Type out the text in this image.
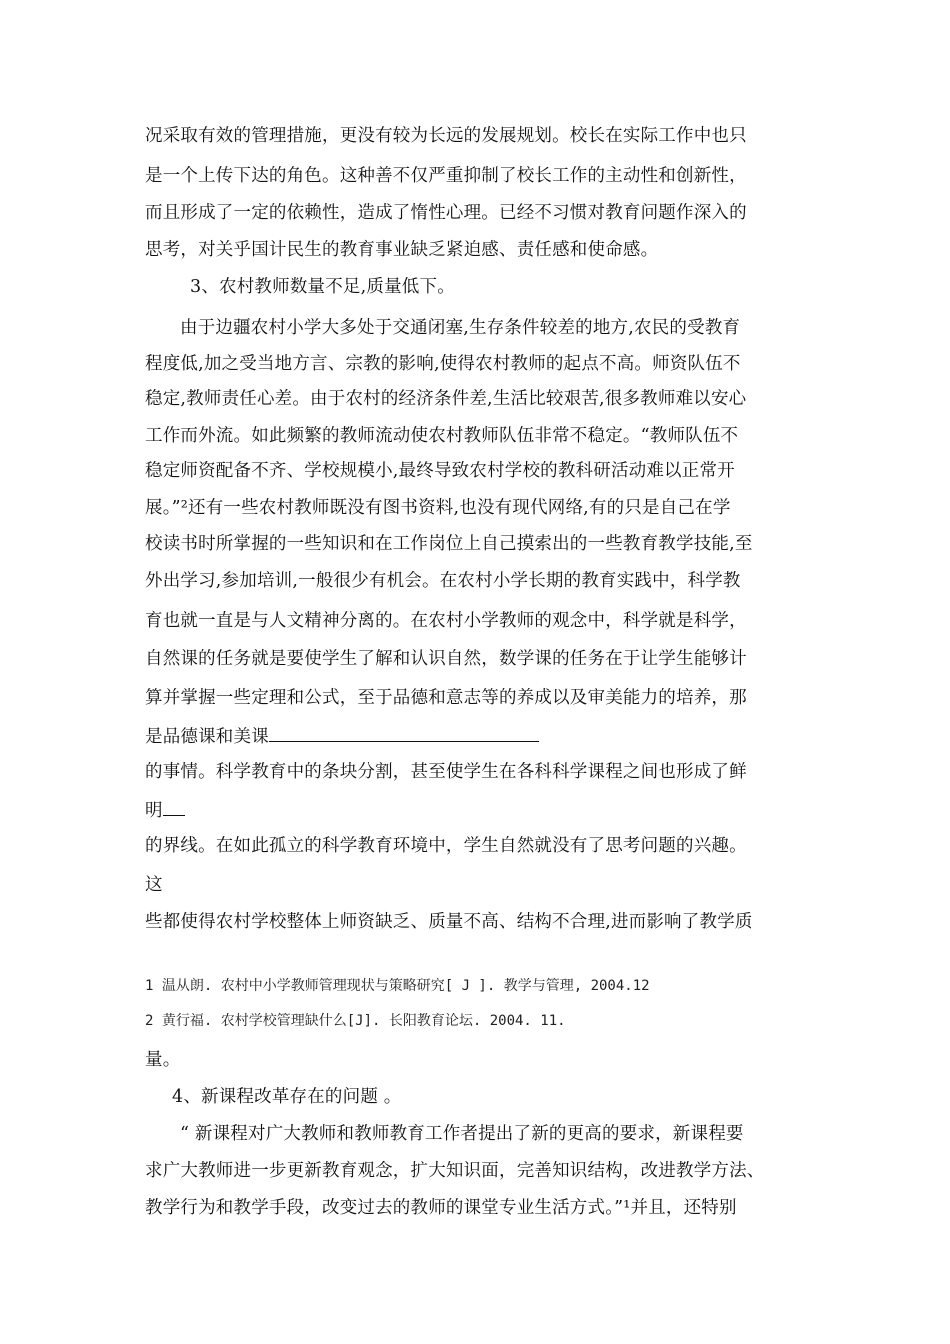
况采取有效的管理措施，更没有较为长远的发展规划。校长在实际工作中也只
是一个上传下达的角色。这种善不仅严重抑制了校长工作的主动性和创新性，
而且形成了一定的依赖性，造成了惰性心理。已经不习惯对教育问题作深入的
思考，对关乎国计民生的教育事业缺乏紧迫感、责任感和使命感。
3、农村教师数量不足,质量低下。
由于边疆农村小学大多处于交通闭塞,生存条件较差的地方,农民的受教育
程度低,加之受当地方言、宗教的影响,使得农村教师的起点不高。师资队伍不
稳定,教师责任心差。由于农村的经济条件差,生活比较艰苦,很多教师难以安心
工作而外流。如此频繁的教师流动使农村教师队伍非常不稳定。“教师队伍不
稳定师资配备不齐、学校规模小,最终导致农村学校的教科研活动难以正常开
展。”²还有一些农村教师既没有图书资料,也没有现代网络,有的只是自己在学
校读书时所掌握的一些知识和在工作岗位上自己摸索出的一些教育教学技能,至
外出学习,参加培训,一般很少有机会。在农村小学长期的教育实践中，科学教
育也就一直是与人文精神分离的。在农村小学教师的观念中，科学就是科学，
自然课的任务就是要使学生了解和认识自然，数学课的任务在于让学生能够计
算并掌握一些定理和公式，至于品德和意志等的养成以及审美能力的培养，那
是品德课和美课
的事情。科学教育中的条块分割，甚至使学生在各科科学课程之间也形成了鲜
明
的界线。在如此孤立的科学教育环境中，学生自然就没有了思考问题的兴趣。
这
些都使得农村学校整体上师资缺乏、质量不高、结构不合理,进而影响了教学质
1 温从朗. 农村中小学教师管理现状与策略研究[ J ]. 教学与管理, 2004.12
2 黄行福. 农村学校管理缺什么[J]. 长阳教育论坛. 2004. 11.
量。
4、新课程改革存在的问题 。
“ 新课程对广大教师和教师教育工作者提出了新的更高的要求，新课程要
求广大教师进一步更新教育观念，扩大知识面，完善知识结构，改进教学方法、
教学行为和教学手段，改变过去的教师的课堂专业生活方式。”¹并且，还特别
